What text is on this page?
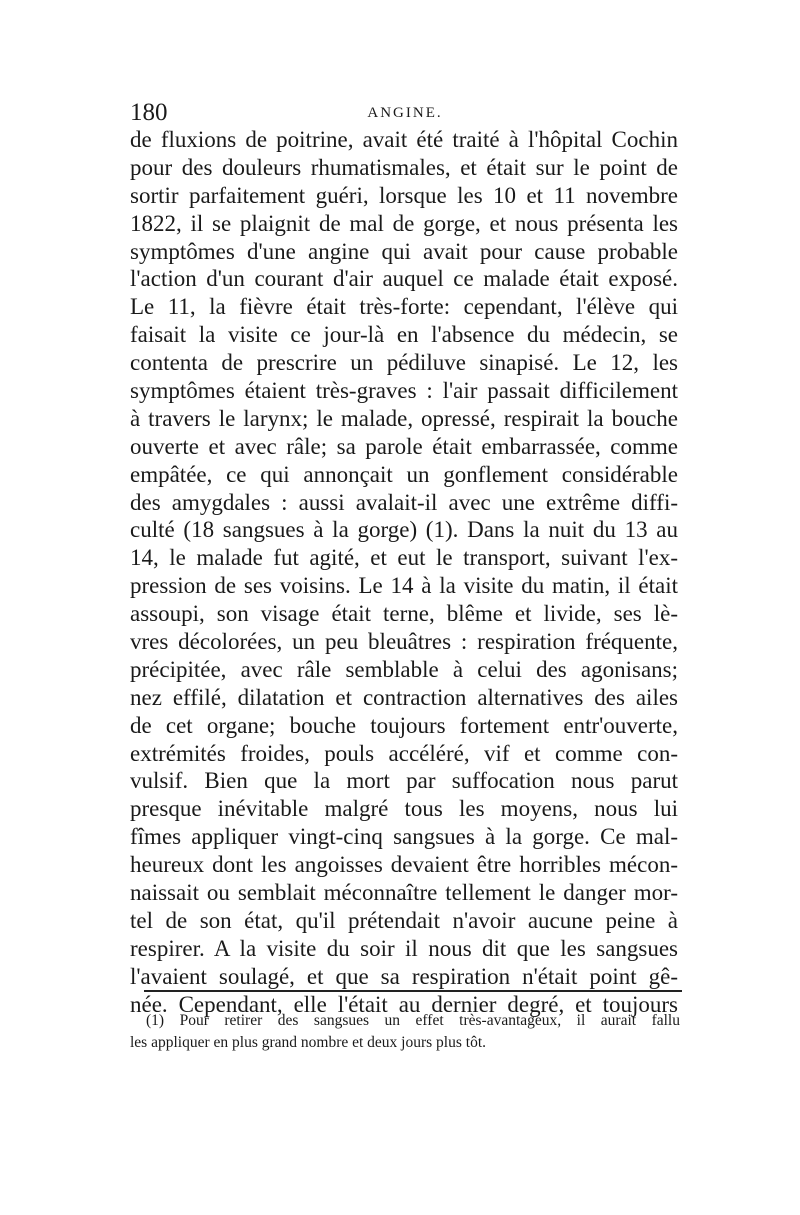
180	ANGINE.
de fluxions de poitrine, avait été traité à l'hôpital Cochin
pour des douleurs rhumatismales, et était sur le point de
sortir parfaitement guéri, lorsque les 10 et 11 novembre
1822, il se plaignit de mal de gorge, et nous présenta les
symptômes d'une angine qui avait pour cause probable
l'action d'un courant d'air auquel ce malade était exposé.
Le 11, la fièvre était très-forte: cependant, l'élève qui
faisait la visite ce jour-là en l'absence du médecin, se
contenta de prescrire un pédiluve sinapisé. Le 12, les
symptômes étaient très-graves : l'air passait difficilement
à travers le larynx; le malade, opressé, respirait la bouche
ouverte et avec râle; sa parole était embarrassée, comme
empâtée, ce qui annonçait un gonflement considérable
des amygdales : aussi avalait-il avec une extrême diffi-
culté (18 sangsues à la gorge) (1). Dans la nuit du 13 au
14, le malade fut agité, et eut le transport, suivant l'ex-
pression de ses voisins. Le 14 à la visite du matin, il était
assoupi, son visage était terne, blême et livide, ses lè-
vres décolorées, un peu bleuâtres : respiration fréquente,
précipitée, avec râle semblable à celui des agonisans;
nez effilé, dilatation et contraction alternatives des ailes
de cet organe; bouche toujours fortement entr'ouverte,
extrémités froides, pouls accéléré, vif et comme con-
vulsif. Bien que la mort par suffocation nous parut
presque inévitable malgré tous les moyens, nous lui
fîmes appliquer vingt-cinq sangsues à la gorge. Ce mal-
heureux dont les angoisses devaient être horribles mécon-
naissait ou semblait méconnaître tellement le danger mor-
tel de son état, qu'il prétendait n'avoir aucune peine à
respirer. A la visite du soir il nous dit que les sangsues
l'avaient soulagé, et que sa respiration n'était point gê-
née. Cependant, elle l'était au dernier degré, et toujours
(1) Pour retirer des sangsues un effet très-avantageux, il aurait fallu
les appliquer en plus grand nombre et deux jours plus tôt.
